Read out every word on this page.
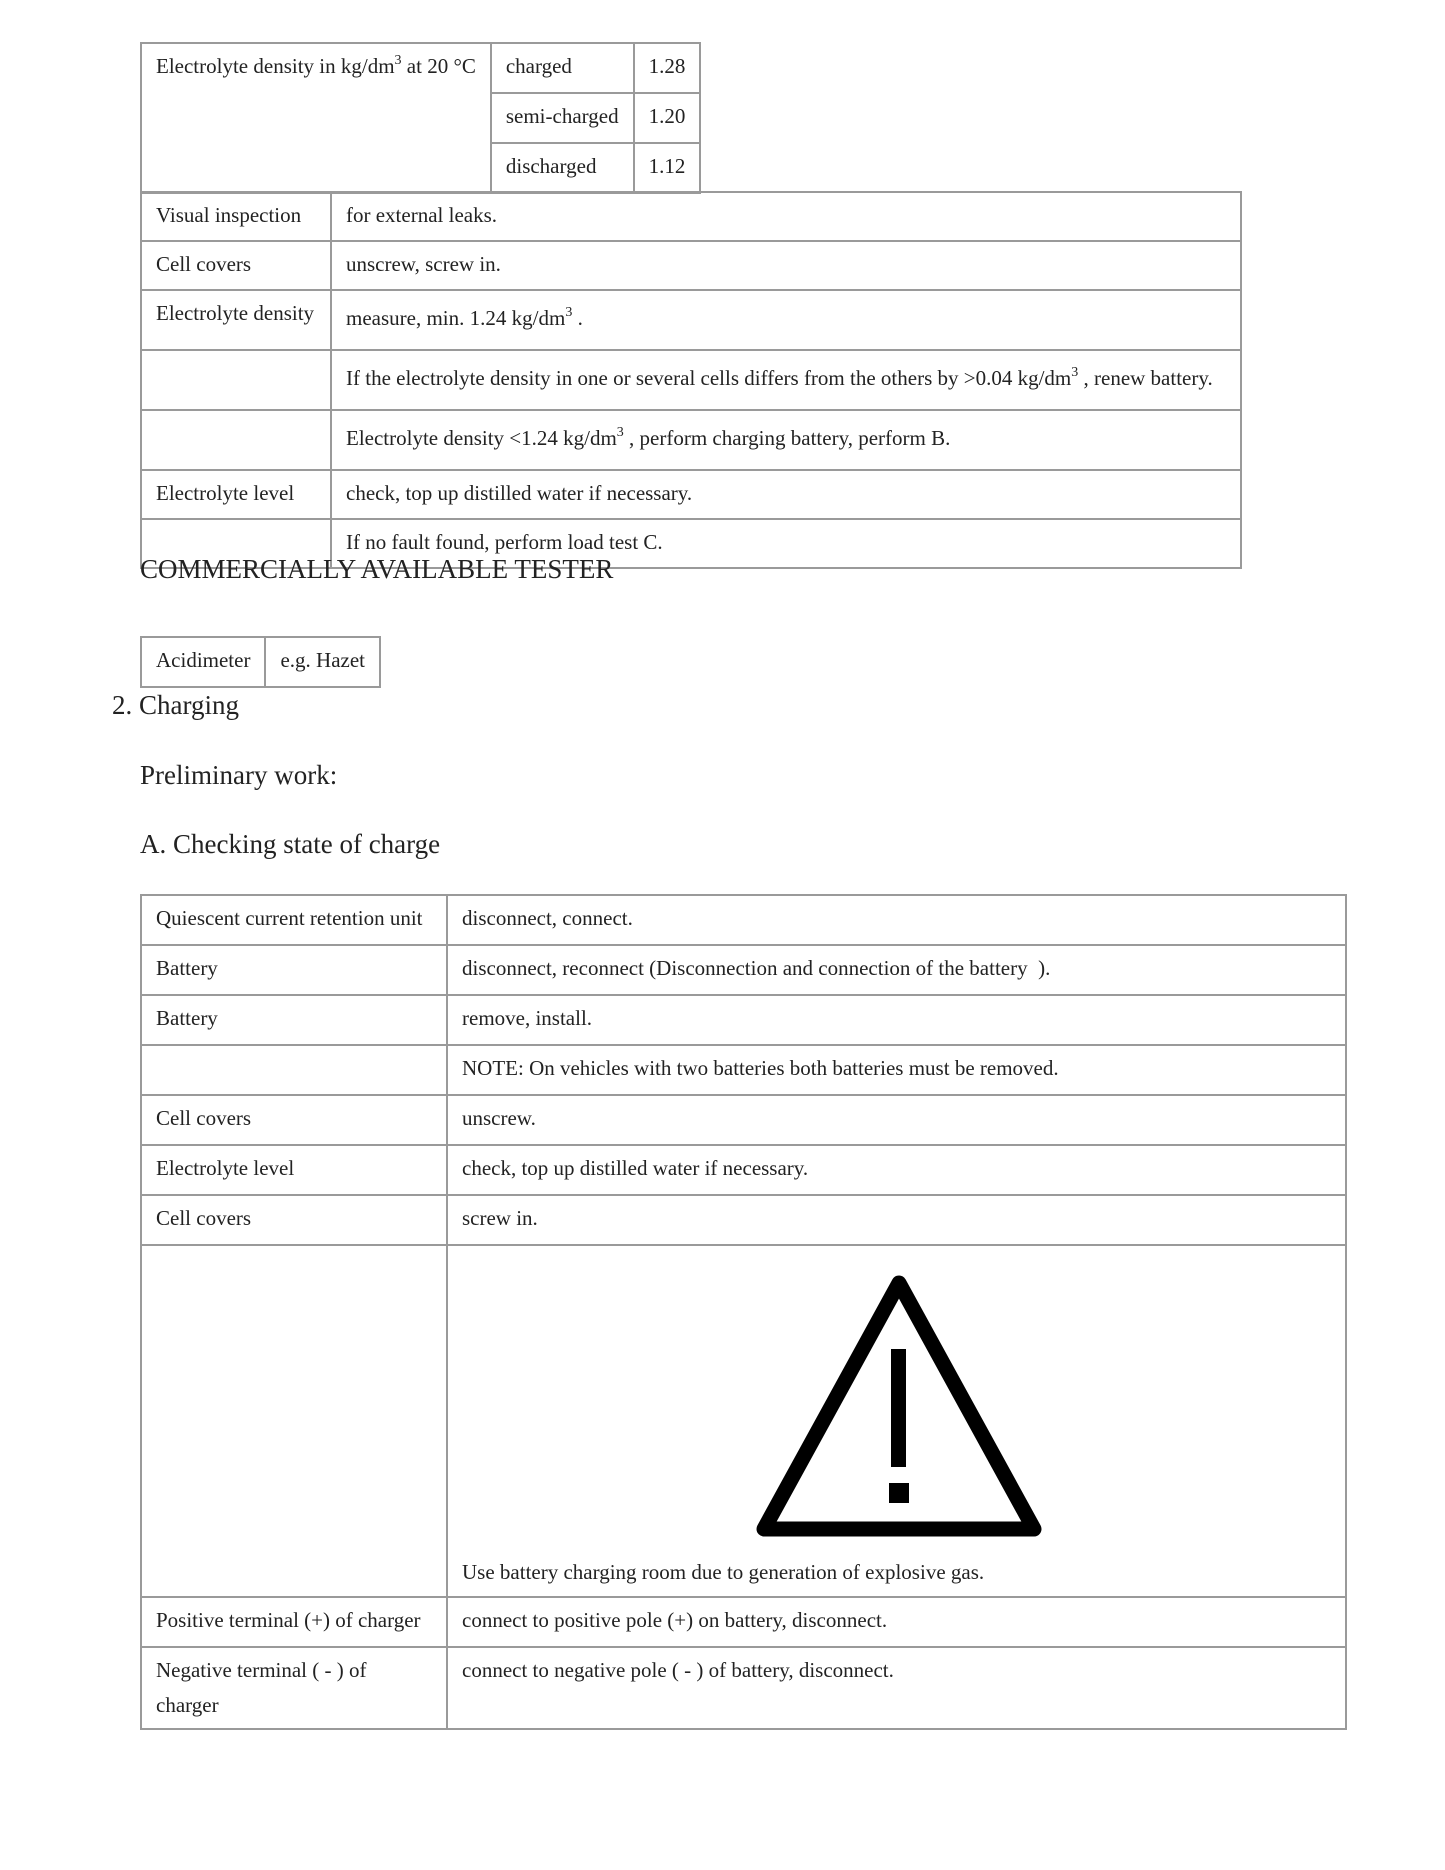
Electrolyte density in $kg/dm^3$ at 20 °C	charged	1.28
	semi-charged	1.20
	discharged	1.12
Visual inspection	for external leaks.
Cell covers	unscrew, screw in.
Electrolyte density	measure, min. 1.24 $kg/dm^3$ .
	If the electrolyte density in one or several cells differs from the others by >0.04 $kg/dm^3$ , renew battery.
	Electrolyte density <1.24 $kg/dm^3$ , perform charging battery, perform B.
Electrolyte level	check, top up distilled water if necessary.
	If no fault found, perform load test C.
COMMERCIALLY AVAILABLE TESTER
Acidimeter	e.g. Hazet
2. Charging
Preliminary work:
A. Checking state of charge
Quiescent current retention unit	disconnect, connect.
Battery	disconnect, reconnect (Disconnection and connection of the battery  ).
Battery	remove, install.
	NOTE: On vehicles with two batteries both batteries must be removed.
Cell covers	unscrew.
Electrolyte level	check, top up distilled water if necessary.
Cell covers	screw in.

	Use battery charging room due to generation of explosive gas.

Positive terminal (+) of charger	connect to positive pole (+) on battery, disconnect.
Negative terminal ( - ) of charger	connect to negative pole ( - ) of battery, disconnect.
